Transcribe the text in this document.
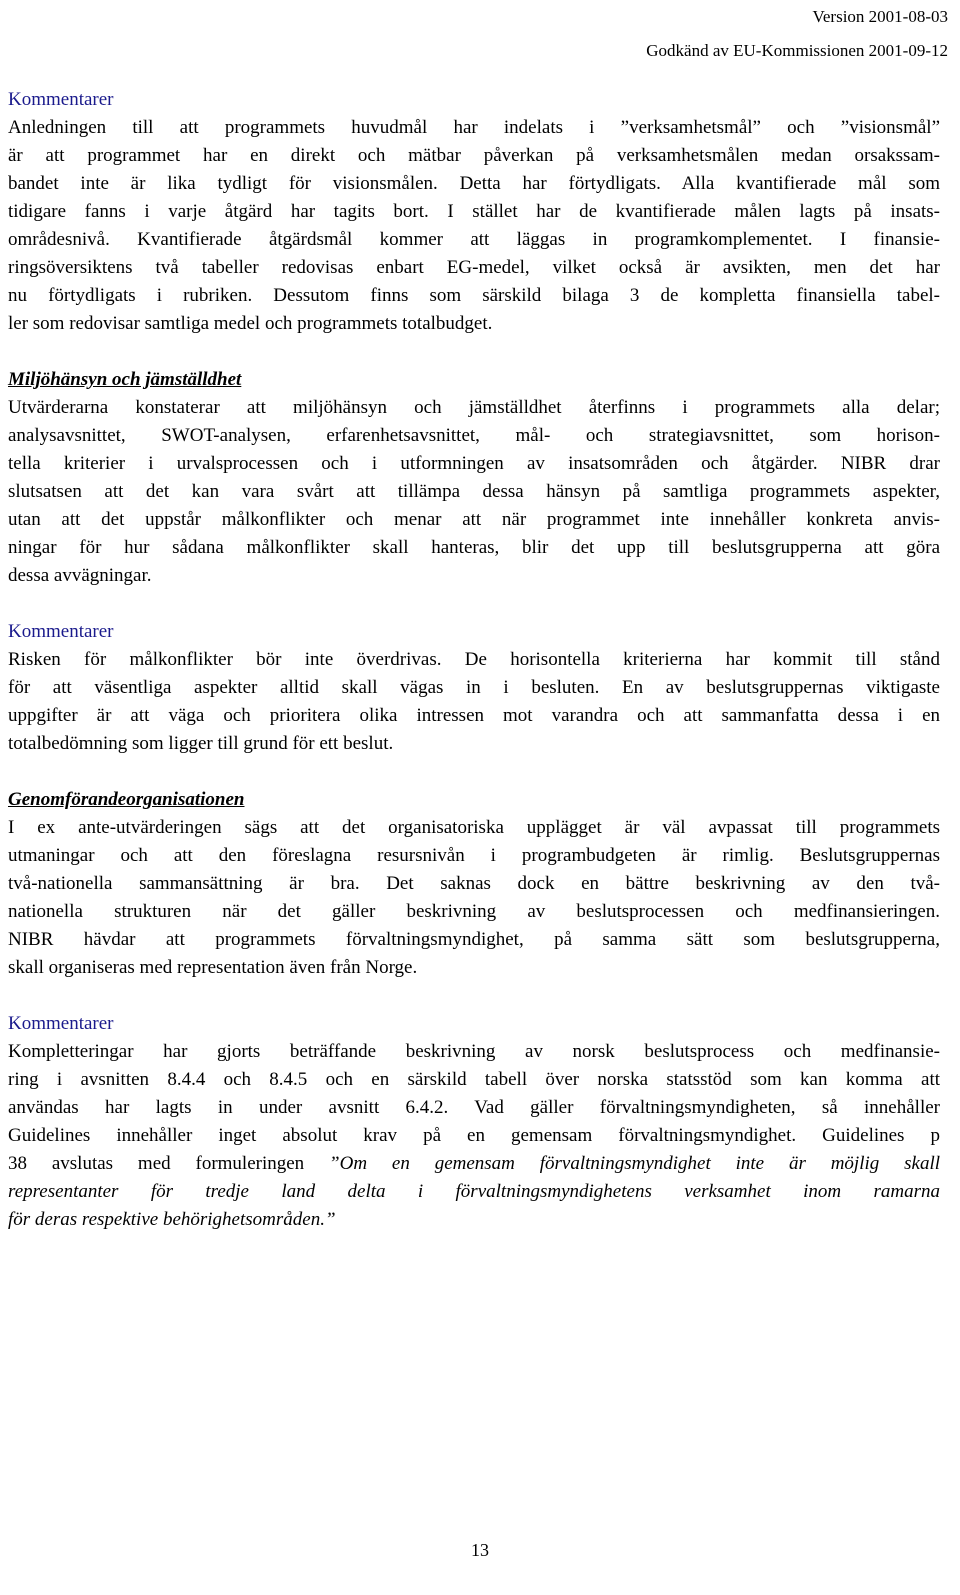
Version 2001-08-03
Godkänd av EU-Kommissionen 2001-09-12
Kommentarer
Anledningen till att programmets huvudmål har indelats i ”verksamhetsmål” och ”visionsmål”
är att programmet har en direkt och mätbar påverkan på verksamhetsmålen medan orsakssam-
bandet inte är lika tydligt för visionsmålen. Detta har förtydligats. Alla kvantifierade mål som
tidigare fanns i varje åtgärd har tagits bort. I stället har de kvantifierade målen lagts på insats-
områdesnivå. Kvantifierade åtgärdsmål kommer att läggas in programkomplementet. I finansie-
ringsöversiktens två tabeller redovisas enbart EG-medel, vilket också är avsikten, men det har
nu förtydligats i rubriken. Dessutom finns som särskild bilaga 3 de kompletta finansiella tabel-
ler som redovisar samtliga medel och programmets totalbudget.
Miljöhänsyn och jämställdhet
Utvärderarna konstaterar att miljöhänsyn och jämställdhet återfinns i programmets alla delar;
analysavsnittet, SWOT-analysen, erfarenhetsavsnittet, mål- och strategiavsnittet, som horison-
tella kriterier i urvalsprocessen och i utformningen av insatsområden och åtgärder. NIBR drar
slutsatsen att det kan vara svårt att tillämpa dessa hänsyn på samtliga programmets aspekter,
utan att det uppstår målkonflikter och menar att när programmet inte innehåller konkreta anvis-
ningar för hur sådana målkonflikter skall hanteras, blir det upp till beslutsgrupperna att göra
dessa avvägningar.
Kommentarer
Risken för målkonflikter bör inte överdrivas. De horisontella kriterierna har kommit till stånd
för att väsentliga aspekter alltid skall vägas in i besluten. En av beslutsgruppernas viktigaste
uppgifter är att väga och prioritera olika intressen mot varandra och att sammanfatta dessa i en
totalbedömning som ligger till grund för ett beslut.
Genomförandeorganisationen
I ex ante-utvärderingen sägs att det organisatoriska upplägget är väl avpassat till programmets
utmaningar och att den föreslagna resursnivån i programbudgeten är rimlig. Beslutsgruppernas
två-nationella sammansättning är bra. Det saknas dock en bättre beskrivning av den två-
nationella strukturen när det gäller beskrivning av beslutsprocessen och medfinansieringen.
NIBR hävdar att programmets förvaltningsmyndighet, på samma sätt som beslutsgrupperna,
skall organiseras med representation även från Norge.
Kommentarer
Kompletteringar har gjorts beträffande beskrivning av norsk beslutsprocess och medfinansie-
ring i avsnitten 8.4.4 och 8.4.5 och en särskild tabell över norska statsstöd som kan komma att
användas har lagts in under avsnitt 6.4.2. Vad gäller förvaltningsmyndigheten, så innehåller
Guidelines innehåller inget absolut krav på en gemensam förvaltningsmyndighet. Guidelines p
38 avslutas med formuleringen ”Om en gemensam förvaltningsmyndighet inte är möjlig skall
representanter för tredje land delta i förvaltningsmyndighetens verksamhet inom ramarna
för deras respektive behörighetsområden.”
13
